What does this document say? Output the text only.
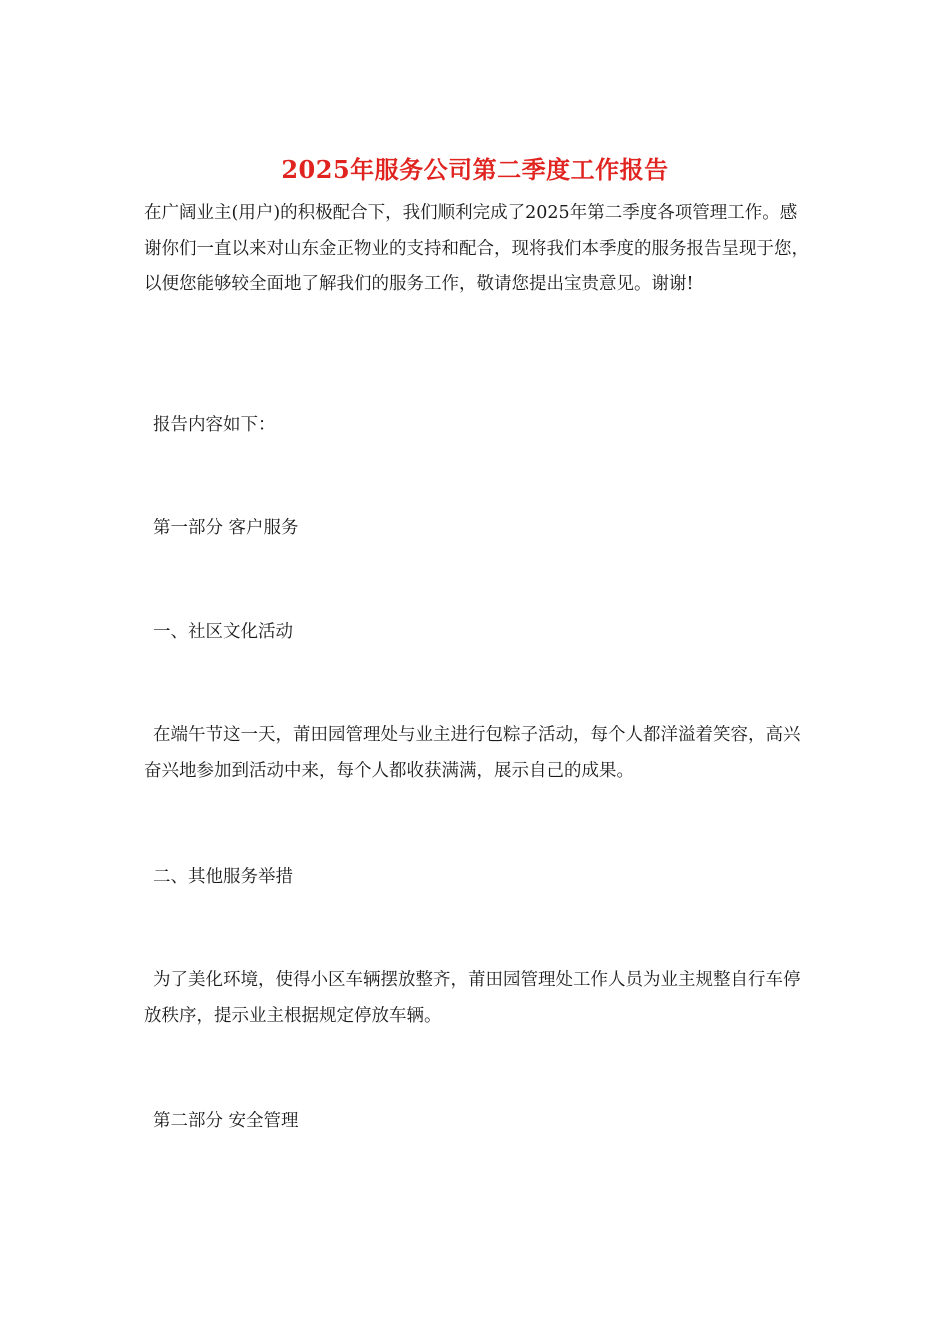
2025年服务公司第二季度工作报告

在广阔业主(用户)的积极配合下，我们顺利完成了2025年第二季度各项管理工作。感谢你们一直以来对山东金正物业的支持和配合，现将我们本季度的服务报告呈现于您，以便您能够较全面地了解我们的服务工作，敬请您提出宝贵意见。谢谢!

报告内容如下：

第一部分 客户服务

一、社区文化活动

在端午节这一天，莆田园管理处与业主进行包粽子活动，每个人都洋溢着笑容，高兴奋兴地参加到活动中来，每个人都收获满满，展示自己的成果。

二、其他服务举措

为了美化环境，使得小区车辆摆放整齐，莆田园管理处工作人员为业主规整自行车停放秩序，提示业主根据规定停放车辆。

第二部分 安全管理
